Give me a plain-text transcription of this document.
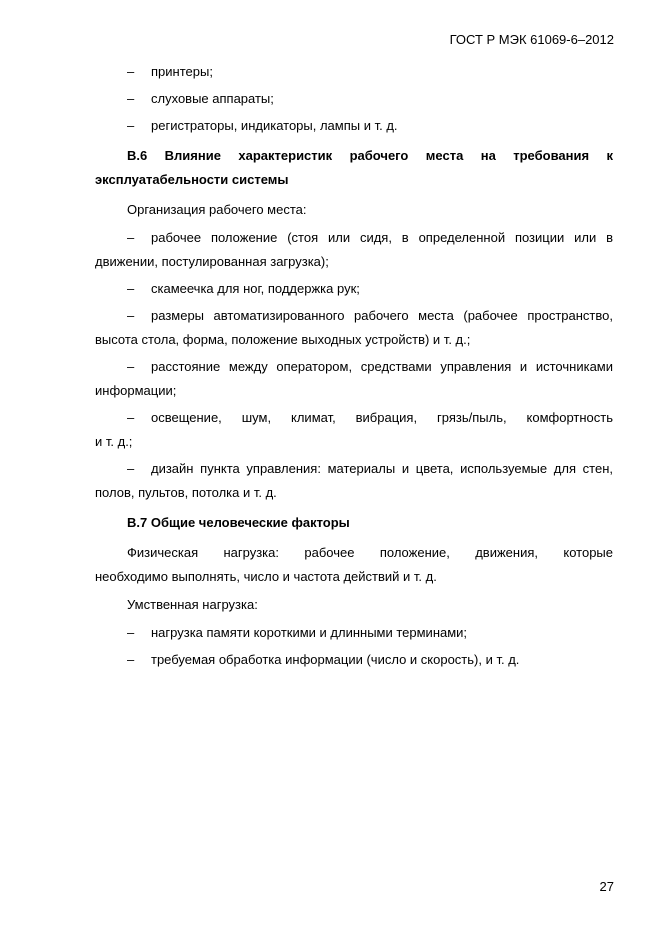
ГОСТ Р МЭК 61069-6–2012
– принтеры;
– слуховые аппараты;
– регистраторы, индикаторы, лампы и т. д.
В.6 Влияние характеристик рабочего места на требования к
эксплуатабельности системы
Организация рабочего места:
– рабочее положение (стоя или сидя, в определенной позиции или в
движении, постулированная загрузка);
– скамеечка для ног, поддержка рук;
– размеры автоматизированного рабочего места (рабочее пространство,
высота стола, форма, положение выходных устройств) и т. д.;
– расстояние между оператором, средствами управления и источниками
информации;
– освещение, шум, климат, вибрация, грязь/пыль, комфортность
и т. д.;
– дизайн пункта управления: материалы и цвета, используемые для стен,
полов, пультов, потолка и т. д.
В.7 Общие человеческие факторы
Физическая нагрузка: рабочее положение, движения, которые
необходимо выполнять, число и частота действий и т. д.
Умственная нагрузка:
– нагрузка памяти короткими и длинными терминами;
– требуемая обработка информации (число и скорость), и т. д.
27
